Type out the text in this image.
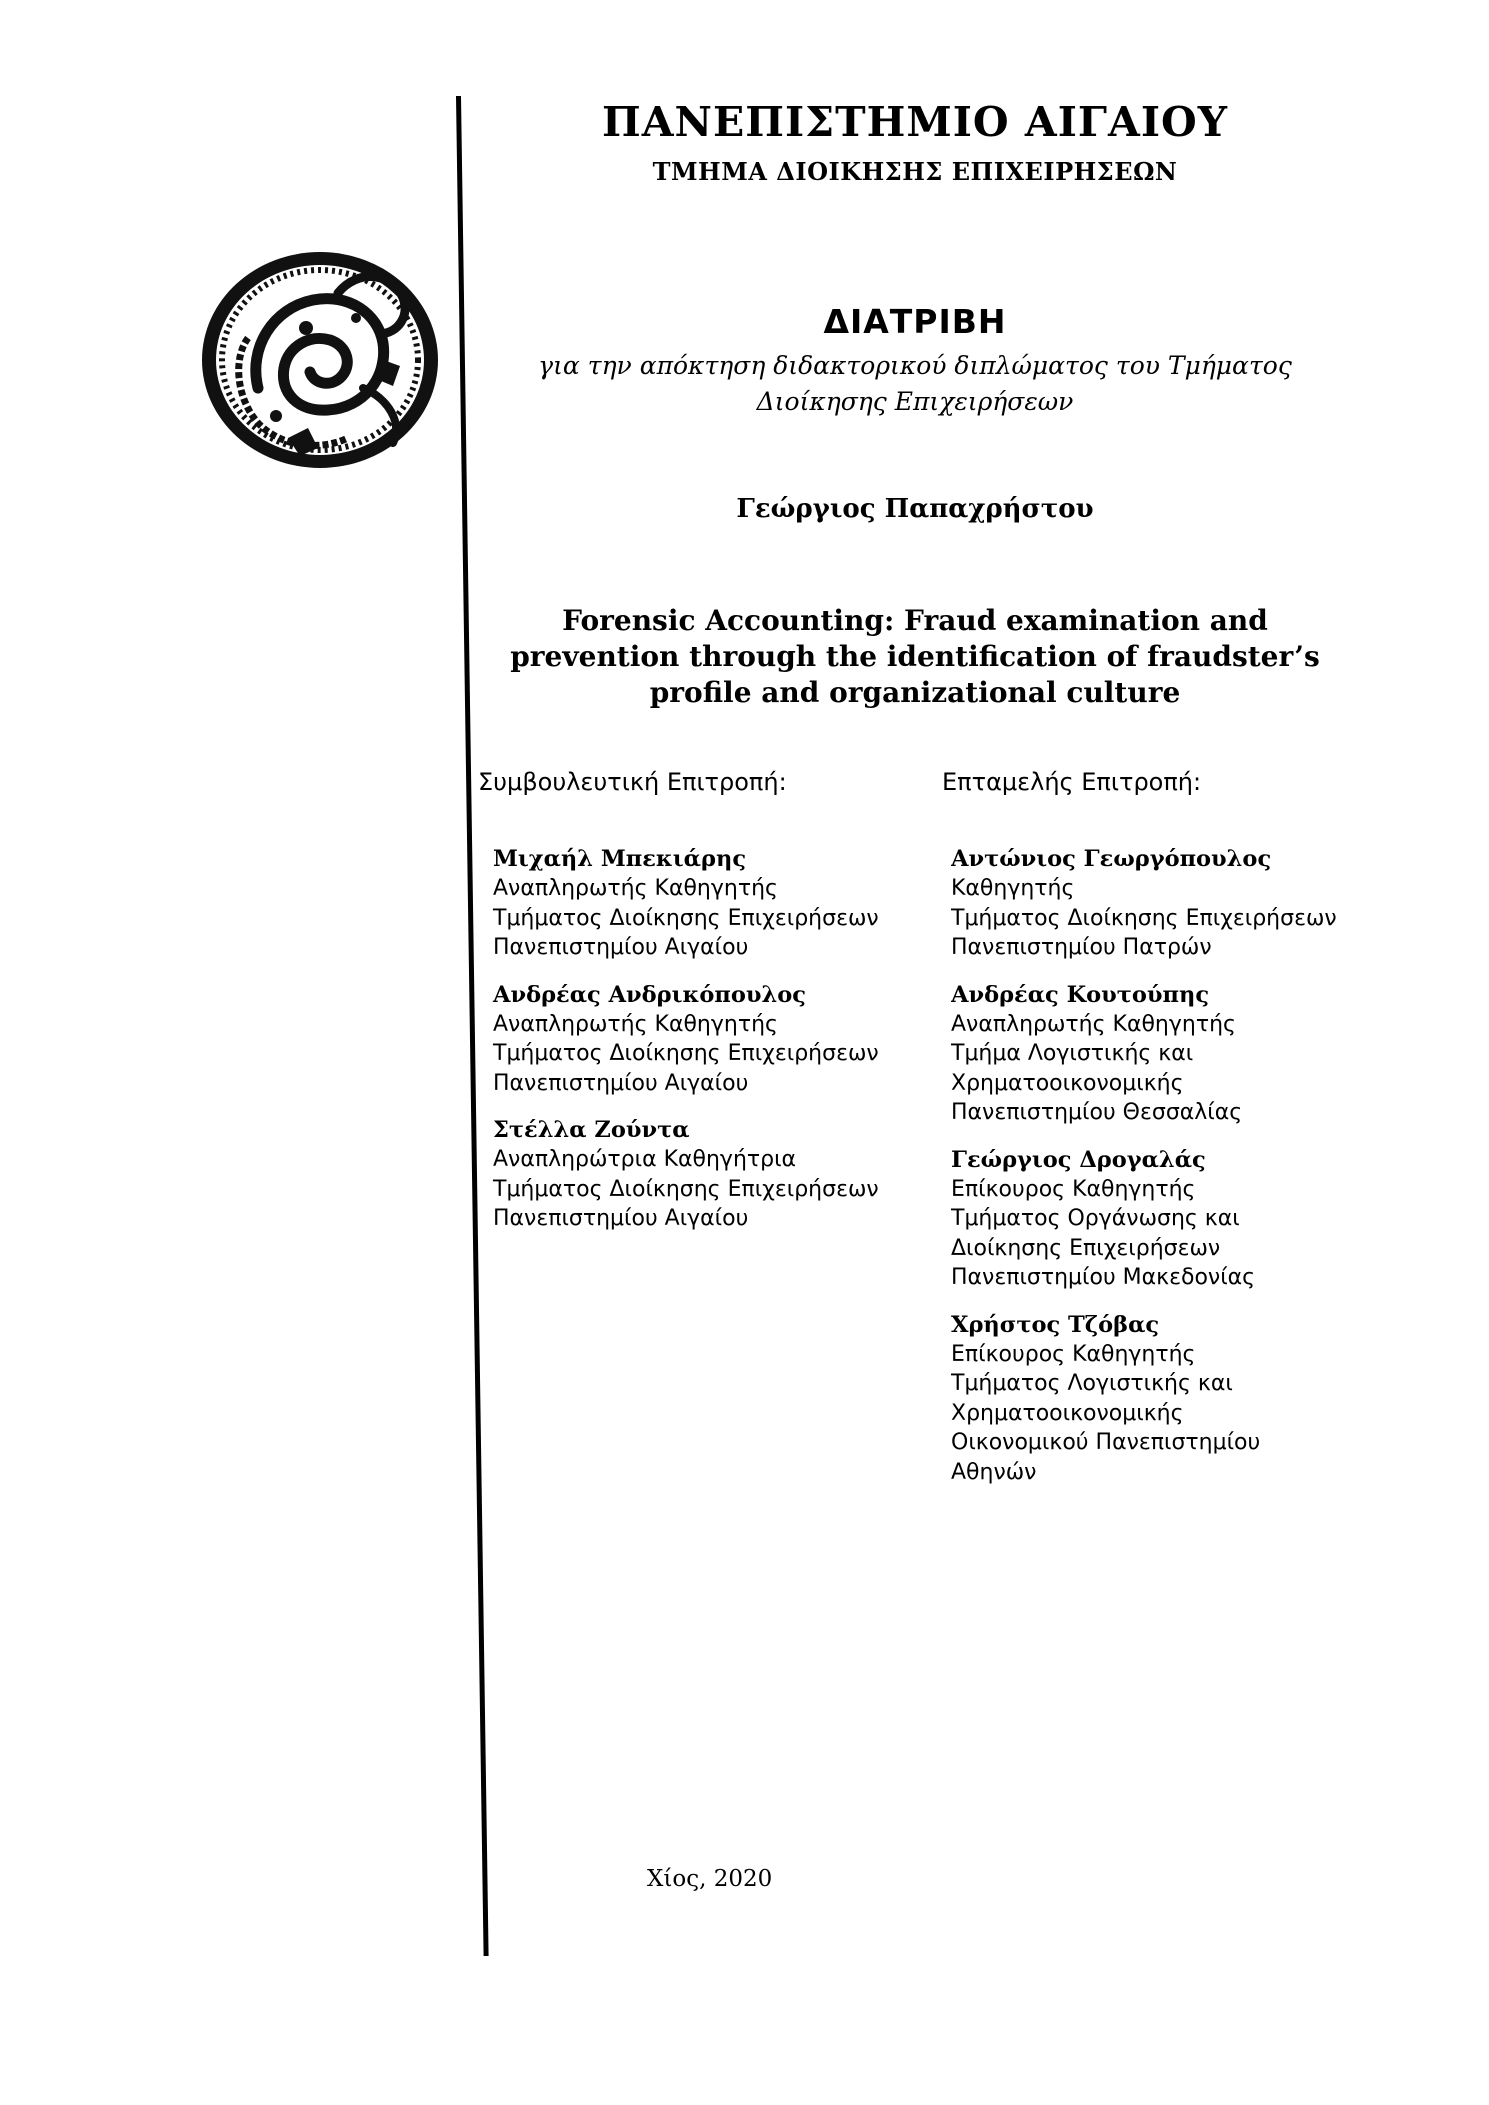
ΠΑΝΕΠΙΣΤΗΜΙΟ ΑΙΓΑΙΟΥ
ΤΜΗΜΑ ΔΙΟΙΚΗΣΗΣ ΕΠΙΧΕΙΡΗΣΕΩΝ
ΔΙΑΤΡΙΒΗ
για την απόκτηση διδακτορικού διπλώματος του Τμήματος
Διοίκησης Επιχειρήσεων
Γεώργιος Παπαχρήστου
Forensic Accounting: Fraud examination and
prevention through the identification of fraudster’s
profile and organizational culture
Συμβουλευτική Επιτροπή:	Επταμελής Επιτροπή:
Μιχαήλ Μπεκιάρης
Αναπληρωτής Καθηγητής
Τμήματος Διοίκησης Επιχειρήσεων
Πανεπιστημίου Αιγαίου
Ανδρέας Ανδρικόπουλος
Αναπληρωτής Καθηγητής
Τμήματος Διοίκησης Επιχειρήσεων
Πανεπιστημίου Αιγαίου
Στέλλα Ζούντα
Αναπληρώτρια Καθηγήτρια
Τμήματος Διοίκησης Επιχειρήσεων
Πανεπιστημίου Αιγαίου
Αντώνιος Γεωργόπουλος
Καθηγητής
Τμήματος Διοίκησης Επιχειρήσεων
Πανεπιστημίου Πατρών
Ανδρέας Κουτούπης
Αναπληρωτής Καθηγητής
Τμήμα Λογιστικής και
Χρηματοοικονομικής
Πανεπιστημίου Θεσσαλίας
Γεώργιος Δρογαλάς
Επίκουρος Καθηγητής
Τμήματος Οργάνωσης και
Διοίκησης Επιχειρήσεων
Πανεπιστημίου Μακεδονίας
Χρήστος Τζόβας
Επίκουρος Καθηγητής
Τμήματος Λογιστικής και
Χρηματοοικονομικής
Οικονομικού Πανεπιστημίου
Αθηνών
Χίος, 2020
